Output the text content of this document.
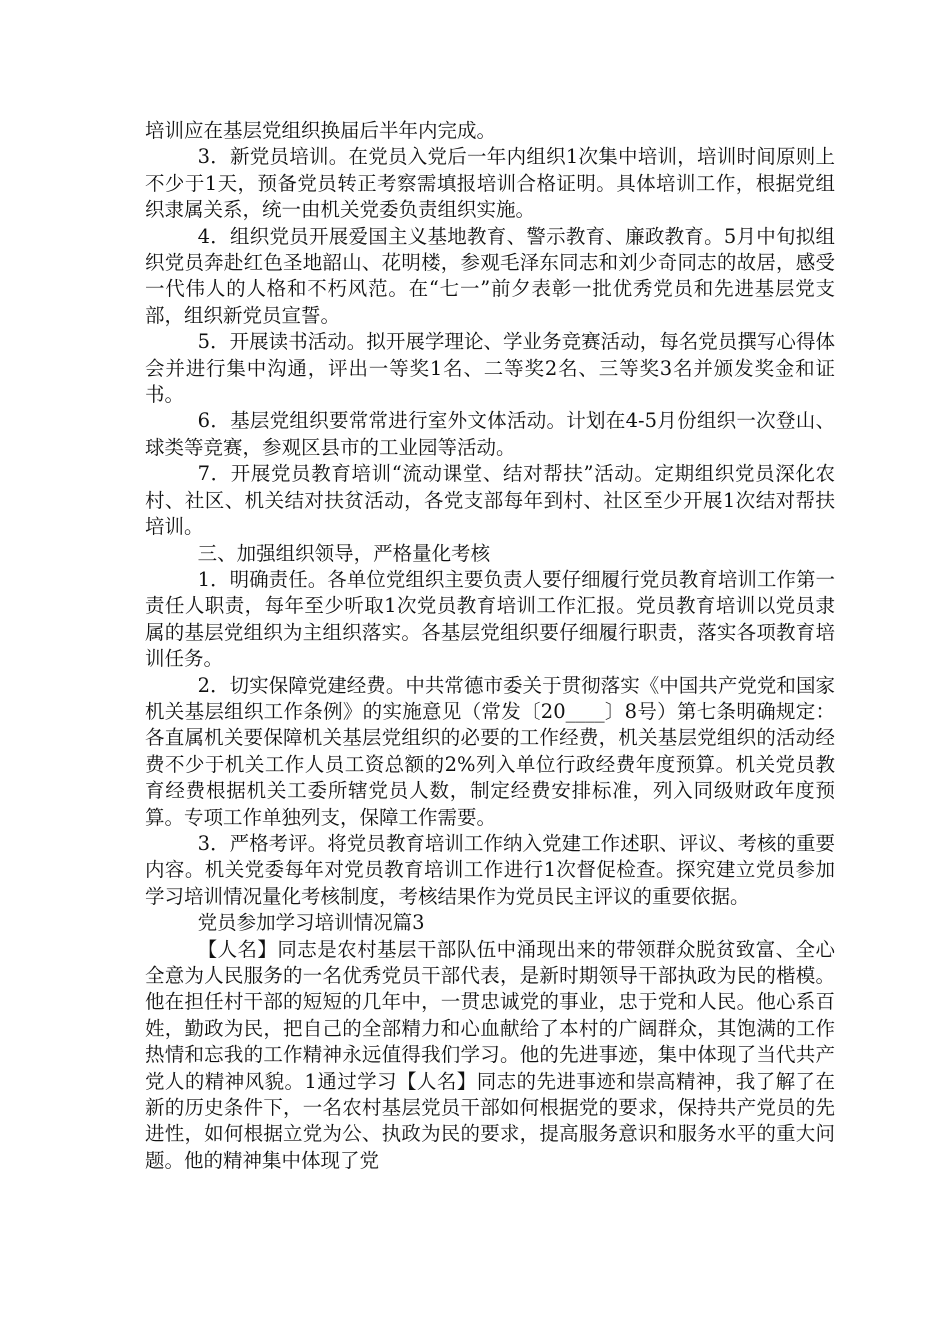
培训应在基层党组织换届后半年内完成。

3．新党员培训。在党员入党后一年内组织1次集中培训，培训时间原则上不少于1天，预备党员转正考察需填报培训合格证明。具体培训工作，根据党组织隶属关系，统一由机关党委负责组织实施。

4．组织党员开展爱国主义基地教育、警示教育、廉政教育。5月中旬拟组织党员奔赴红色圣地韶山、花明楼，参观毛泽东同志和刘少奇同志的故居，感受一代伟人的人格和不朽风范。在“七一”前夕表彰一批优秀党员和先进基层党支部，组织新党员宣誓。

5．开展读书活动。拟开展学理论、学业务竞赛活动，每名党员撰写心得体会并进行集中沟通，评出一等奖1名、二等奖2名、三等奖3名并颁发奖金和证书。

6．基层党组织要常常进行室外文体活动。计划在4-5月份组织一次登山、球类等竞赛，参观区县市的工业园等活动。

7．开展党员教育培训“流动课堂、结对帮扶”活动。定期组织党员深化农村、社区、机关结对扶贫活动，各党支部每年到村、社区至少开展1次结对帮扶培训。

三、加强组织领导，严格量化考核

1．明确责任。各单位党组织主要负责人要仔细履行党员教育培训工作第一责任人职责，每年至少听取1次党员教育培训工作汇报。党员教育培训以党员隶属的基层党组织为主组织落实。各基层党组织要仔细履行职责，落实各项教育培训任务。

2．切实保障党建经费。中共常德市委关于贯彻落实《中国共产党党和国家机关基层组织工作条例》的实施意见（常发〔20____〕8号）第七条明确规定：各直属机关要保障机关基层党组织的必要的工作经费，机关基层党组织的活动经费不少于机关工作人员工资总额的2%列入单位行政经费年度预算。机关党员教育经费根据机关工委所辖党员人数，制定经费安排标准，列入同级财政年度预算。专项工作单独列支，保障工作需要。

3．严格考评。将党员教育培训工作纳入党建工作述职、评议、考核的重要内容。机关党委每年对党员教育培训工作进行1次督促检查。探究建立党员参加学习培训情况量化考核制度，考核结果作为党员民主评议的重要依据。

党员参加学习培训情况篇3

【人名】同志是农村基层干部队伍中涌现出来的带领群众脱贫致富、全心全意为人民服务的一名优秀党员干部代表，是新时期领导干部执政为民的楷模。他在担任村干部的短短的几年中，一贯忠诚党的事业，忠于党和人民。他心系百姓，勤政为民，把自己的全部精力和心血献给了本村的广阔群众，其饱满的工作热情和忘我的工作精神永远值得我们学习。他的先进事迹，集中体现了当代共产党人的精神风貌。1通过学习【人名】同志的先进事迹和崇高精神，我了解了在新的历史条件下，一名农村基层党员干部如何根据党的要求，保持共产党员的先进性，如何根据立党为公、执政为民的要求，提高服务意识和服务水平的重大问题。他的精神集中体现了党
